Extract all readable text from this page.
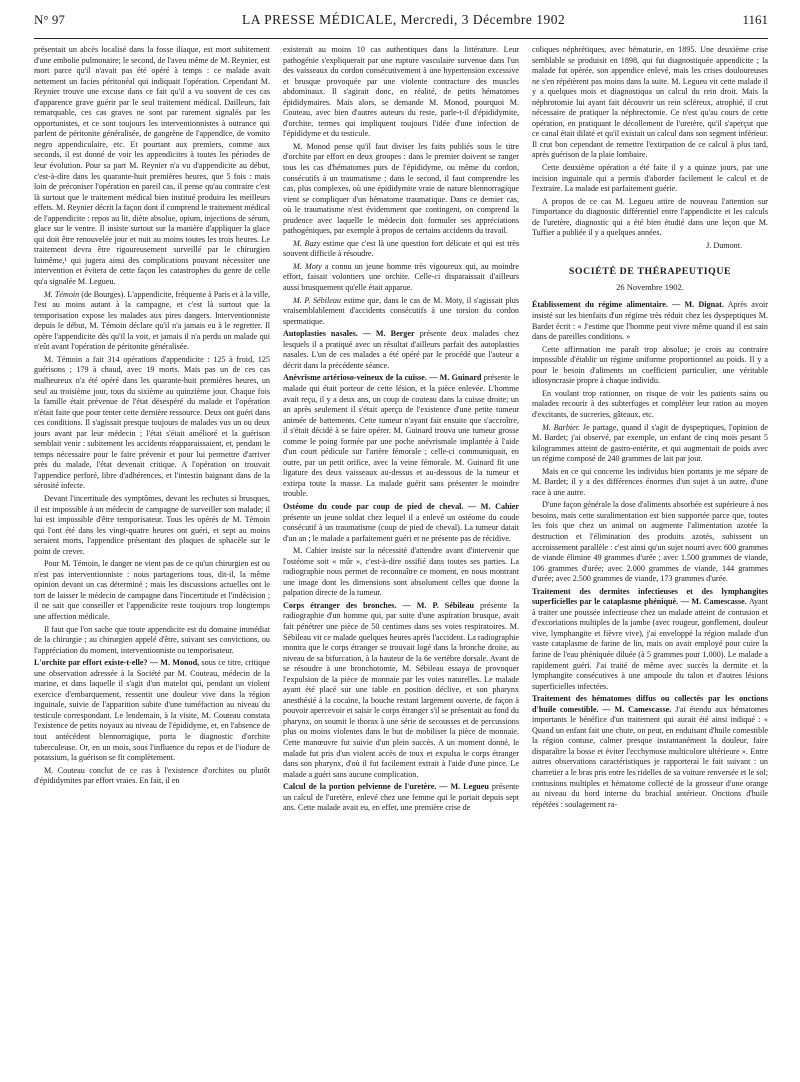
N° 97	LA PRESSE MÉDICALE, Mercredi, 3 Décembre 1902	1161

présentait un abcès localisé dans la fosse iliaque, est mort subitement d'une embolie pulmonaire; le second, de l'aveu même de M. Reynier, est mort parce qu'il n'avait pas été opéré à temps : ce malade avait nettement un facies péritonéal qui indiquait l'opération. Cependant M. Reynier trouve une excuse dans ce fait qu'il a vu souvent de ces cas d'apparence grave guérir par le seul traitement médical. Dailleurs, fait remarquable, ces cas graves ne sont par rarement signalés par les opportunistes, et ce sont toujours les interventionnistes à outrance qui parlent de péritonite généralisée, de gangrène de l'appendice, de vomito negro appendiculaire, etc. Et pourtant aux premiers, comme aux seconds, il est donné de voir les appendicites à toutes les périodes de leur évolution. Pour sa part M. Reynier n'a vu d'appendicite au début, c'est-à-dire dans les quarante-huit premières heures, que 5 fois : mais loin de préconiser l'opération en pareil cas, il pense qu'au contraire c'est là surtout que le traitement médical bien institué produira les meilleurs effets. M. Reynier décrit la façon dont il comprend le traitement médical de l'appendicite : repos au lit, diète absolue, opium, injections de sérum, glace sur le ventre. Il insiste surtout sur la manière d'appliquer la glace qui doit être renouvelée jour et nuit au moins toutes les trois heures. Le traitement devra être rigoureusement surveillé par le chirurgien luimême,¹ qui jugera ainsi des complications pouvant nécessiter une intervention et évitera de cette façon les catastrophes du genre de celle qu'a signalée M. Legueu.

M. Témoin (de Bourges). L'appendicite, fréquente à Paris et à la ville, l'est au moins autant à la campagne, et c'est là surtout que la temporisation expose les malades aux pires dangers. Interventionniste depuis le début, M. Témoin déclare qu'il n'a jamais eu à le regretter. Il opère l'appendicite dès qu'il la voit, et jamais il n'a perdu un malade qui n'eût avant l'opération de péritonite généralisée.

M. Témoin a fait 314 opérations d'appendicite : 125 à froid, 125 guérisons ; 179 à chaud, avec 19 morts. Mais pas un de ces cas malheureux n'a été opéré dans les quarante-huit premières heures, un seul au troisième jour, tous du sixième au quinzième jour. Chaque fois la famille était prévenue de l'état désespéré du malade et l'opération n'était faite que pour tenter cette dernière ressource. Deux ont guéri dans ces conditions. Il s'agissait presque toujours de malades vus un ou deux jours avant par leur médecin ; l'état s'était amélioré et la guérison semblait venir : subitement les accidents réapparaissaient, et, pendant le temps nécessaire pour le faire prévenir et pour lui permettre d'arriver près du malade, l'état devenait critique. A l'opération on trouvait l'appendice perforé, libre d'adhérences, et l'intestin baignant dans de la sérosité infecte.

Devant l'incertitude des symptômes, devant les rechutes si brusques, il est impossible à un médecin de campagne de surveiller son malade; il lui est impossible d'être temporisateur. Tous les opérés de M. Témoin qui l'ont été dans les vingt-quatre heures ont guéri, et sept au moins seraient morts, l'appendice présentant des plaques de sphacèle sur le point de crever.

Pour M. Témoin, le danger ne vient pas de ce qu'un chirurgien est ou n'est pas interventionniste : nous partagerions tous, dit-il, la même opinion devant un cas déterminé ; mais les discussions actuelles ont le tort de laisser le médecin de campagne dans l'incertitude et l'indécision ; il ne sait que conseiller et l'appendicite reste toujours trop longtemps une affection médicale.

Il faut que l'on sache que toute appendicite est du domaine immédiat de la chirurgie ; au chirurgien appelé d'être, suivant ses convictions, ou l'appréciation du moment, interventionniste ou temporisateur.

L'orchite par effort existe-t-elle? — M. Monod, sous ce titre, critique une observation adressée à la Société par M. Couteau, médecin de la marine, et dans laquelle il s'agit d'un matelot qui, pendant un violent exercice d'embarquement, ressentit une douleur vive dans la région inguinale, suivie de l'apparition subite d'une tuméfaction au niveau du testicule correspondant. Le lendemain, à la visite, M. Couteau constata l'existence de petits noyaux au niveau de l'épididyme, et, en l'absence de tout antécédent blennorragique, porta le diagnostic d'orchite tuberculeuse. Or, en un mois, sous l'influence du repos et de l'iodure de potassium, la guérison se fit complètement.

M. Couteau conclut de ce cas à l'existence d'orchites ou plutôt d'épididymites par effort vraies. En fait, il en

existerait au moins 10 cas authentiques dans la littérature. Leur pathogénie s'expliquerait par une rupture vasculaire survenue dans l'un des vaisseaux du cordon consécutivement à une hypertension excessive et brusque provoquée par une violente contracture des muscles abdominaux. Il s'agirait donc, en réalité, de petits hématomes épididymaires. Mais alors, se demande M. Monod, pourquoi M. Couteau, avec bien d'autres auteurs du reste, parle-t-il d'épididymite, d'orchite, termes qui impliquent toujours l'idée d'une infection de l'épididyme et du testicule.

M. Monod pense qu'il faut diviser les faits publiés sous le titre d'orchite par effort en deux groupes : dans le premier doivent se ranger tous les cas d'hématomes purs de l'épididyme, ou même du cordon, consécutifs à un traumatisme ; dans le second, il faut comprendre les cas, plus complexes, où une épididymite vraie de nature blennorragique vient se compliquer d'un hématome traumatique. Dans ce dernier cas, où le traumatisme n'est évidemment que contingent, on comprend la prudence avec laquelle le médecin doit formuler ses appréciations pathogéniques, par exemple à propos de certains accidents du travail.

M. Bazy estime que c'est là une question fort délicate et qui est très souvent difficile à résoudre.

M. Moty a connu un jeune homme très vigoureux qui, au moindre effort, faisait volontiers une orchite. Celle-ci disparaissait d'ailleurs aussi brusquement qu'elle était apparue.

M. P. Sébileau estime que, dans le cas de M. Moty, il s'agissait plus vraisemblablement d'accidents consécutifs à une torsion du cordon spermatique.

Autoplasties nasales. — M. Berger présente deux malades chez lesquels il a pratiqué avec un résultat d'ailleurs parfait des autoplasties nasales. L'un de ces malades a été opéré par le procédé que l'auteur a décrit dans la précédente séance.

Anévrisme artérioso-veineux de la cuisse. — M. Guinard présente le malade qui était porteur de cette lésion, et la pièce enlevée. L'homme avait reçu, il y a deux ans, un coup de couteau dans la cuisse droite; un an après seulement il s'était aperçu de l'existence d'une petite tumeur animée de battements. Cette tumeur n'ayant fait ensuite que s'accroître, il s'était décidé à se faire opérer. M. Guinard trouva une tumeur grosse comme le poing formée par une poche anévrismale implantée à l'aide d'un court pédicule sur l'artère fémorale ; celle-ci communiquait, en outre, par un petit orifice, avec la veine fémorale. M. Guinard fit une ligature des deux vaisseaux au-dessus et au-dessous de la tumeur et extirpa toute la masse. La malade guérit sans présenter le moindre trouble.

Ostéome du coude par coup de pied de cheval. — M. Cahier présente un jeune soldat chez lequel il a enlevé un ostéome du coude consécutif à un traumatisme (coup de pied de cheval). La tumeur datait d'un an ; le malade a parfaitement guéri et ne présente pas de récidive.

M. Cahier insiste sur la nécessité d'attendre avant d'intervenir que l'ostéome soit « mûr », c'est-à-dire ossifié dans toutes ses parties. La radiographie nous permet de reconnaître ce moment, en nous montrant une image dont les dimensions sont absolument celles que donne la palpation directe de la tumeur.

Corps étranger des bronches. — M. P. Sébileau présente la radiographie d'un homme qui, par suite d'une aspiration brusque, avait fait pénétrer une pièce de 50 centimes dans ses voies respiratoires. M. Sébileau vit ce malade quelques heures après l'accident. La radiographie montra que le corps étranger se trouvait logé dans la bronche droite, au niveau de sa bifurcation, à la hauteur de la 6e vertèbre dorsale. Avant de se résoudre à une bronchotomie, M. Sébileau essaya de provoquer l'expulsion de la pièce de monnaie par les voies naturelles. Le malade ayant été placé sur une table en position déclive, et son pharynx anesthésié à la cocaïne, la bouche restant largement ouverte, de façon à pouvoir apercevoir et saisir le corps étranger s'il se présentait au fond du pharynx, on soumit le thorax à une série de secousses et de percussions plus ou moins violentes dans le but de mobiliser la pièce de monnaie. Cette manœuvre fut suivie d'un plein succès. A un moment donné, le malade fut pris d'un violent accès de toux et expulsa le corps étranger dans son pharynx, d'où il fut facilement extrait à l'aide d'une pince. Le malade a guéri sans aucune complication.

Calcul de la portion pelvienne de l'uretère. — M. Legueu présente un calcul de l'uretère, enlevé chez une femme qui le portait depuis sept ans. Cette malade avait eu, en effet, une première crise de

coliques néphrétiques, avec hématurie, en 1895. Une deuxième crise semblable se produisit en 1898, qui fut diagnostiquée appendicite ; la malade fut opérée, son appendice enlevé, mais les crises douloureuses ne s'en répétèrent pas moins dans la suite. M. Legueu vit cette malade il y a quelques mois et diagnostiqua un calcul du rein droit. Mais la néphrotomie lui ayant fait découvrir un rein scléreux, atrophié, il crut nécessaire de pratiquer la néphrectomie. Ce n'est qu'au cours de cette opération, en pratiquant le décollement de l'uretère, qu'il s'aperçut que ce canal était dilaté et qu'il existait un calcul dans son segment inférieur. Il crut bon cependant de remettre l'extirpation de ce calcul à plus tard, après guérison de la plaie lombaire.

Cette deuxième opération a été faite il y a quinze jours, par une incision inguinale qui a permis d'aborder facilement le calcul et de l'extraire. La malade est parfaitement guérie.

A propos de ce cas M. Legueu attire de nouveau l'attention sur l'importance du diagnostic différentiel entre l'appendicite et les calculs de l'uretère, diagnostic qui a été bien étudié dans une leçon que M. Tuffier a publiée il y a quelques années.

J. Dumont.
SOCIÉTÉ DE THÉRAPEUTIQUE
26 Novembre 1902.

Établissement du régime alimentaire. — M. Dignat. Après avoir insisté sur les bienfaits d'un régime très réduit chez les dyspeptiques M. Bardet écrit : « J'estime que l'homme peut vivre même quand il est sain dans de pareilles conditions. »

Cette affirmation me paraît trop absolue; je crois au contraire impossible d'établir un régime uniforme proportionnel au poids. Il y a pour le besoin d'aliments un coefficient particulier, une véritable idiosyncrasie propre à chaque individu.

En voulant trop rationner, on risque de voir les patients sains ou malades recourir à des subterfuges et compléter leur ration au moyen d'excitants, de sucreries, gâteaux, etc.

M. Barbier. Je partage, quand il s'agit de dyspeptiques, l'opinion de M. Bardet; j'ai observé, par exemple, un enfant de cinq mois pesant 5 kilogrammes atteint de gastro-entérite, et qui augmentait de poids avec un régime composé de 240 grammes de lait par jour.

Mais en ce qui concerne les individus bien portants je me sépare de M. Bardet; il y a des différences énormes d'un sujet à un autre, d'une race à une autre.

D'une façon générale la dose d'aliments absorbée est supérieure à nos besoins, mais cette suralimentation est bien supportée parce que, toutes les fois que chez un animal on augmente l'alimentation azotée la destruction et l'élimination des produits azotés, subissent un accroissement parallèle : c'est ainsi qu'un sujet nourri avec 600 grammes de viande élimine 49 grammes d'urée ; avec 1.500 grammes de viande, 106 grammes d'urée; avec 2.000 grammes de viande, 144 grammes d'urée; avec 2.500 grammes de viande, 173 grammes d'urée.

Traitement des dermites infectieuses et des lymphangites superficielles par le cataplasme phéniqué. — M. Camescasse. Ayant à traiter une poussée infectieuse chez un malade atteint de contusion et d'excoriations multiples de la jambe (avec rougeur, gonflement, douleur vive, lymphangite et fièvre vive), j'ai enveloppé la région malade d'un vaste cataplasme de farine de lin, mais on avait employé pour cuire la farine de l'eau phéniquée diluée (à 5 grammes pour 1.000). Le malade a rapidement guéri. J'ai traité de même avec succès la dermite et la lymphangite consécutives à une ampoule du talon et d'autres lésions superficielles infectées.

Traitement des hématomes diffus ou collectés par les onctions d'huile comestible. — M. Camescasse. J'ai étendu aux hématomes importants le bénéfice d'un traitement qui aurait été ainsi indiqué : « Quand un enfant fait une chute, on peut, en enduisant d'huile comestible la région contuse, calmer presque instantanément la douleur, faire disparaître la bosse et éviter l'ecchymose multicolore ultérieure ». Entre autres observations caractéristiques je rapporterai le fait suivant : un charretier a le bras pris entre les ridelles de sa voiture renversée et le sol; contusions multiples et hématome collecté de la grosseur d'une orange au niveau du bord interne du brachial antérieur. Onctions d'huile répétées : soulagement ra-
